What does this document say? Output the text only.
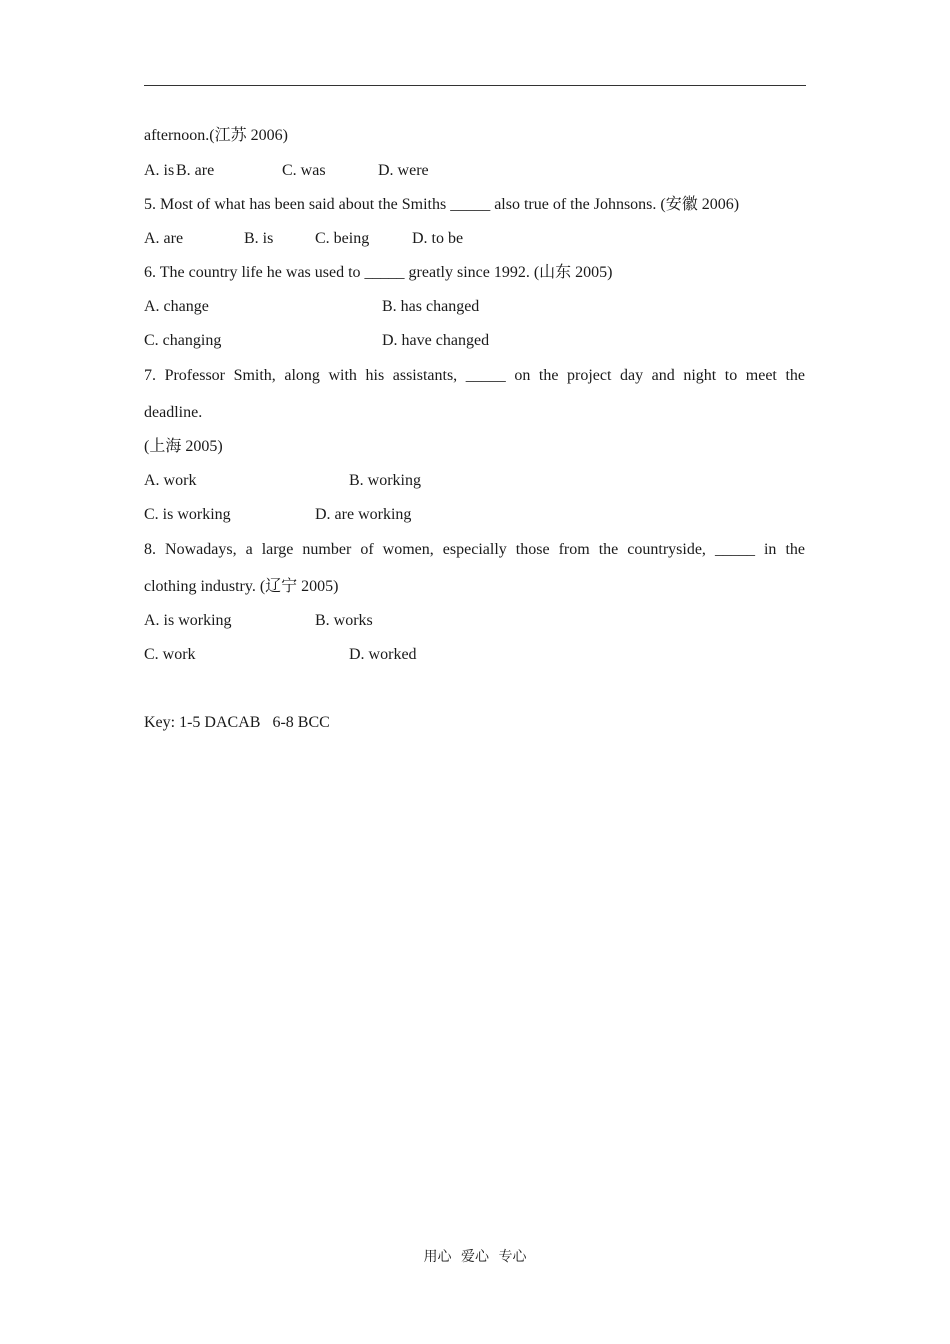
afternoon.(江苏 2006)
A. is B. are	C. was	D. were
5. Most of what has been said about the Smiths _____ also true of the Johnsons. (安徽 2006)
A. are	B. is	C. being	D. to be
6. The country life he was used to _____ greatly since 1992. (山东 2005)
A. change	B. has changed
C. changing	D. have changed
7. Professor Smith, along with his assistants, _____ on the project day and night to meet the
deadline.
(上海 2005)
A. work	B. working
C. is working	D. are working
8. Nowadays, a large number of women, especially those from the countryside, _____ in the
clothing industry. (辽宁 2005)
A. is working	B. works
C. work	D. worked
Key: 1-5 DACAB   6-8 BCC
用心 爱心 专心
